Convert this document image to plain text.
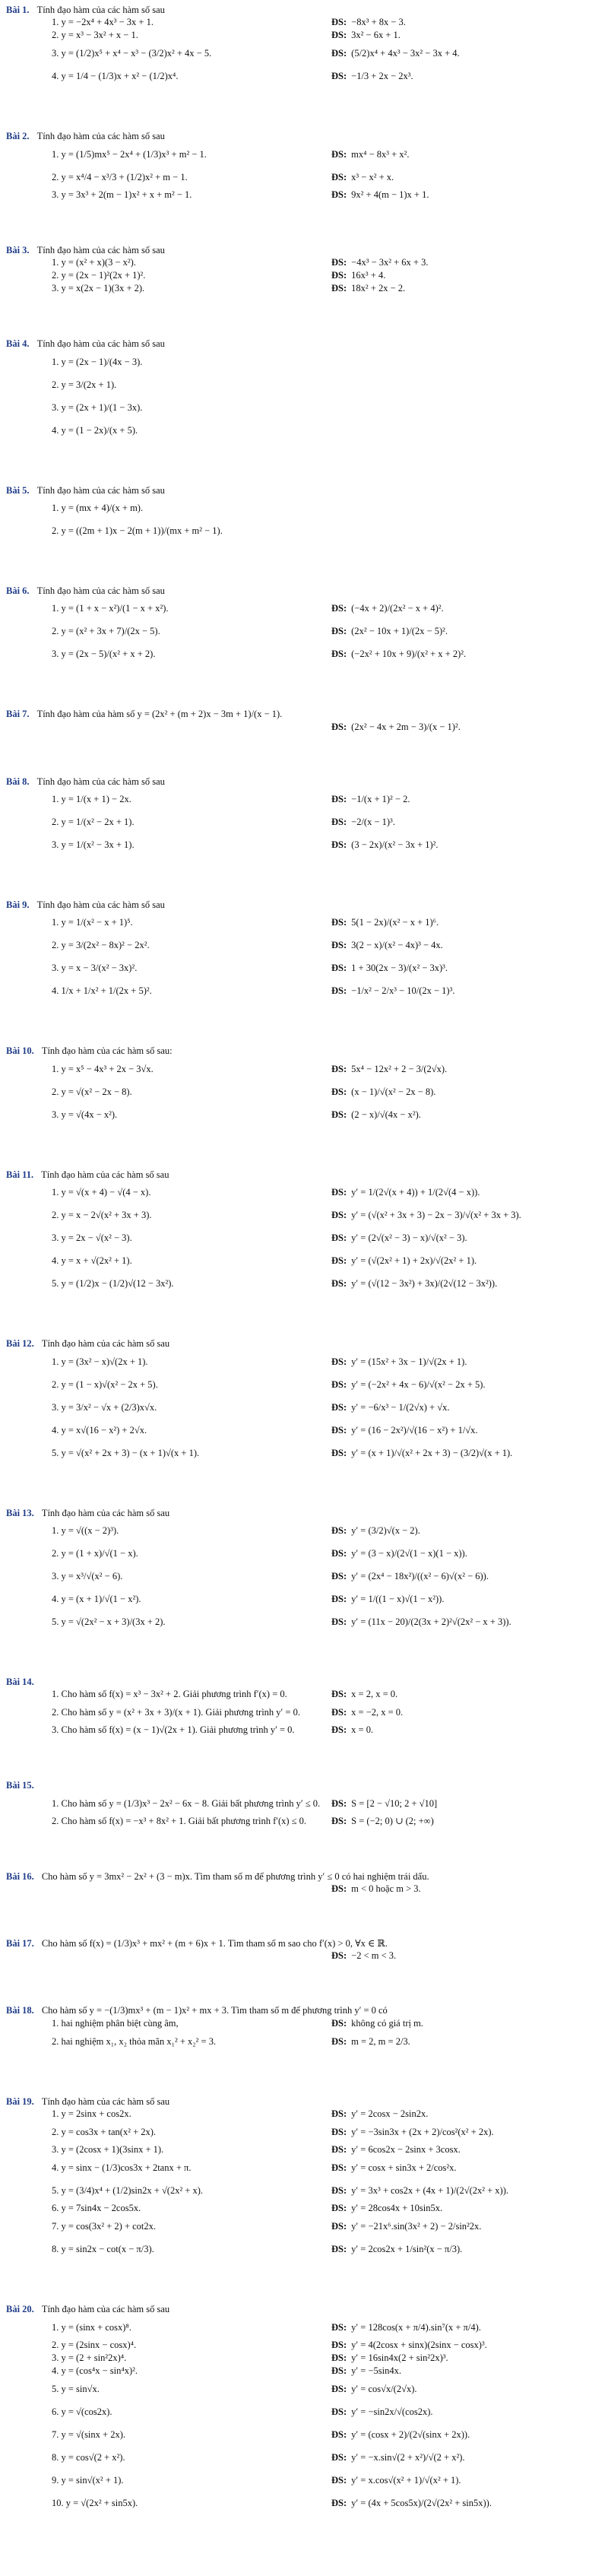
Bài 1. Tính đạo hàm của các hàm số sau
1. y = −2x⁴ + 4x³ − 3x + 1.	ĐS: −8x³ + 8x − 3.
2. y = x³ − 3x² + x − 1.	ĐS: 3x² − 6x + 1.
3. y = (1/2)x⁵ + x⁴ − x³ − (3/2)x² + 4x − 5.	ĐS: (5/2)x⁴ + 4x³ − 3x² − 3x + 4.
4. y = 1/4 − (1/3)x + x² − (1/2)x⁴.	ĐS: −1/3 + 2x − 2x³.
Bài 2. Tính đạo hàm của các hàm số sau
1. y = (1/5)mx⁵ − 2x⁴ + (1/3)x³ + m² − 1.	ĐS: mx⁴ − 8x³ + x².
2. y = x⁴/4 − x³/3 + (1/2)x² + m − 1.	ĐS: x³ − x² + x.
3. y = 3x³ + 2(m − 1)x² + x + m² − 1.	ĐS: 9x² + 4(m − 1)x + 1.
Bài 3. Tính đạo hàm của các hàm số sau
1. y = (x² + x)(3 − x²).	ĐS: −4x³ − 3x² + 6x + 3.
2. y = (2x − 1)²(2x + 1)².	ĐS: 16x³ + 4.
3. y = x(2x − 1)(3x + 2).	ĐS: 18x² + 2x − 2.
Bài 4. Tính đạo hàm của các hàm số sau
1. y = (2x − 1)/(4x − 3).
2. y = 3/(2x + 1).
3. y = (2x + 1)/(1 − 3x).
4. y = (1 − 2x)/(x + 5).
Bài 5. Tính đạo hàm của các hàm số sau
1. y = (mx + 4)/(x + m).
2. y = ((2m + 1)x − 2(m + 1))/(mx + m² − 1).
Bài 6. Tính đạo hàm của các hàm số sau
1. y = (1 + x − x²)/(1 − x + x²).	ĐS: (−4x + 2)/(2x² − x + 4)².
2. y = (x² + 3x + 7)/(2x − 5).	ĐS: (2x² − 10x + 1)/(2x − 5)².
3. y = (2x − 5)/(x² + x + 2).	ĐS: (−2x² + 10x + 9)/(x² + x + 2)².
Bài 7. Tính đạo hàm của hàm số y = (2x² + (m + 2)x − 3m + 1)/(x − 1).
ĐS: (2x² − 4x + 2m − 3)/(x − 1)².
Bài 8. Tính đạo hàm của các hàm số sau
1. y = 1/(x + 1) − 2x.	ĐS: −1/(x + 1)² − 2.
2. y = 1/(x² − 2x + 1).	ĐS: −2/(x − 1)³.
3. y = 1/(x² − 3x + 1).	ĐS: (3 − 2x)/(x² − 3x + 1)².
Bài 9. Tính đạo hàm của các hàm số sau
1. y = 1/(x² − x + 1)⁵.	ĐS: 5(1 − 2x)/(x² − x + 1)⁶.
2. y = 3/(2x² − 8x)² − 2x².	ĐS: 3(2 − x)/(x² − 4x)³ − 4x.
3. y = x − 3/(x² − 3x)².	ĐS: 1 + 30(2x − 3)/(x² − 3x)³.
4. 1/x + 1/x² + 1/(2x + 5)².	ĐS: −1/x² − 2/x³ − 10/(2x − 1)³.
Bài 10. Tính đạo hàm của các hàm số sau:
1. y = x⁵ − 4x³ + 2x − 3√x.	ĐS: 5x⁴ − 12x² + 2 − 3/(2√x).
2. y = √(x² − 2x − 8).	ĐS: (x − 1)/√(x² − 2x − 8).
3. y = √(4x − x²).	ĐS: (2 − x)/√(4x − x²).
Bài 11. Tính đạo hàm của các hàm số sau
1. y = √(x + 4) − √(4 − x).	ĐS: y′ = 1/(2√(x + 4)) + 1/(2√(4 − x)).
2. y = x − 2√(x² + 3x + 3).	ĐS: y′ = (√(x² + 3x + 3) − 2x − 3)/√(x² + 3x + 3).
3. y = 2x − √(x² − 3).	ĐS: y′ = (2√(x² − 3) − x)/√(x² − 3).
4. y = x + √(2x² + 1).	ĐS: y′ = (√(2x² + 1) + 2x)/√(2x² + 1).
5. y = (1/2)x − (1/2)√(12 − 3x²).	ĐS: y′ = (√(12 − 3x²) + 3x)/(2√(12 − 3x²)).
Bài 12. Tính đạo hàm của các hàm số sau
1. y = (3x² − x)√(2x + 1).	ĐS: y′ = (15x² + 3x − 1)/√(2x + 1).
2. y = (1 − x)√(x² − 2x + 5).	ĐS: y′ = (−2x² + 4x − 6)/√(x² − 2x + 5).
3. y = 3/x² − √x + (2/3)x√x.	ĐS: y′ = −6/x³ − 1/(2√x) + √x.
4. y = x√(16 − x²) + 2√x.	ĐS: y′ = (16 − 2x²)/√(16 − x²) + 1/√x.
5. y = √(x² + 2x + 3) − (x + 1)√(x + 1).	ĐS: y′ = (x + 1)/√(x² + 2x + 3) − (3/2)√(x + 1).
Bài 13. Tính đạo hàm của các hàm số sau
1. y = √((x − 2)³).	ĐS: y′ = (3/2)√(x − 2).
2. y = (1 + x)/√(1 − x).	ĐS: y′ = (3 − x)/(2√(1 − x)(1 − x)).
3. y = x³/√(x² − 6).	ĐS: y′ = (2x⁴ − 18x²)/((x² − 6)√(x² − 6)).
4. y = (x + 1)/√(1 − x²).	ĐS: y′ = 1/((1 − x)√(1 − x²)).
5. y = √(2x² − x + 3)/(3x + 2).	ĐS: y′ = (11x − 20)/(2(3x + 2)²√(2x² − x + 3)).
Bài 14.
1. Cho hàm số f(x) = x³ − 3x² + 2. Giải phương trình f′(x) = 0.	ĐS: x = 2, x = 0.
2. Cho hàm số y = (x² + 3x + 3)/(x + 1). Giải phương trình y′ = 0.	ĐS: x = −2, x = 0.
3. Cho hàm số f(x) = (x − 1)√(2x + 1). Giải phương trình y′ = 0.	ĐS: x = 0.
Bài 15.
1. Cho hàm số y = (1/3)x³ − 2x² − 6x − 8. Giải bất phương trình y′ ≤ 0. ĐS: S = [2 − √10; 2 + √10]
2. Cho hàm số f(x) = −x³ + 8x² + 1. Giải bất phương trình f′(x) ≤ 0.	ĐS: S = (−2; 0) ∪ (2; +∞)
Bài 16. Cho hàm số y = 3mx² − 2x² + (3 − m)x. Tìm tham số m để phương trình y′ ≤ 0 có hai nghiệm trái dấu.
ĐS: m < 0 hoặc m > 3.
Bài 17. Cho hàm số f(x) = (1/3)x³ + mx² + (m + 6)x + 1. Tìm tham số m sao cho f′(x) > 0, ∀x ∈ ℝ.
ĐS: −2 < m < 3.
Bài 18. Cho hàm số y = −(1/3)mx³ + (m − 1)x² + mx + 3. Tìm tham số m để phương trình y′ = 0 có
1. hai nghiệm phân biệt cùng âm,	ĐS: không có giá trị m.
2. hai nghiệm x₁, x₂ thỏa mãn x₁² + x₂² = 3.	ĐS: m = 2, m = 2/3.
Bài 19. Tính đạo hàm của các hàm số sau
1. y = 2sinx + cos2x.	ĐS: y′ = 2cosx − 2sin2x.
2. y = cos3x + tan(x² + 2x).	ĐS: y′ = −3sin3x + (2x + 2)/cos²(x² + 2x).
3. y = (2cosx + 1)(3sinx + 1).	ĐS: y′ = 6cos2x − 2sinx + 3cosx.
4. y = sinx − (1/3)cos3x + 2tanx + π.	ĐS: y′ = cosx + sin3x + 2/cos²x.
5. y = (3/4)x⁴ + (1/2)sin2x + √(2x² + x).	ĐS: y′ = 3x³ + cos2x + (4x + 1)/(2√(2x² + x)).
6. y = 7sin4x − 2cos5x.	ĐS: y′ = 28cos4x + 10sin5x.
7. y = cos(3x² + 2) + cot2x.	ĐS: y′ = −21x⁶.sin(3x² + 2) − 2/sin²2x.
8. y = sin2x − cot(x − π/3).	ĐS: y′ = 2cos2x + 1/sin²(x − π/3).
Bài 20. Tính đạo hàm của các hàm số sau
1. y = (sinx + cosx)⁸.	ĐS: y′ = 128cos(x + π/4).sin⁷(x + π/4).
2. y = (2sinx − cosx)⁴.	ĐS: y′ = 4(2cosx + sinx)(2sinx − cosx)³.
3. y = (2 + sin²2x)⁴.	ĐS: y′ = 16sin4x(2 + sin²2x)³.
4. y = (cos⁴x − sin⁴x)².	ĐS: y′ = −5sin4x.
5. y = sin√x.	ĐS: y′ = cos√x/(2√x).
6. y = √(cos2x).	ĐS: y′ = −sin2x/√(cos2x).
7. y = √(sinx + 2x).	ĐS: y′ = (cosx + 2)/(2√(sinx + 2x)).
8. y = cos√(2 + x²).	ĐS: y′ = −x.sin√(2 + x²)/√(2 + x²).
9. y = sin√(x² + 1).	ĐS: y′ = x.cos√(x² + 1)/√(x² + 1).
10. y = √(2x² + sin5x).	ĐS: y′ = (4x + 5cos5x)/(2√(2x² + sin5x)).
